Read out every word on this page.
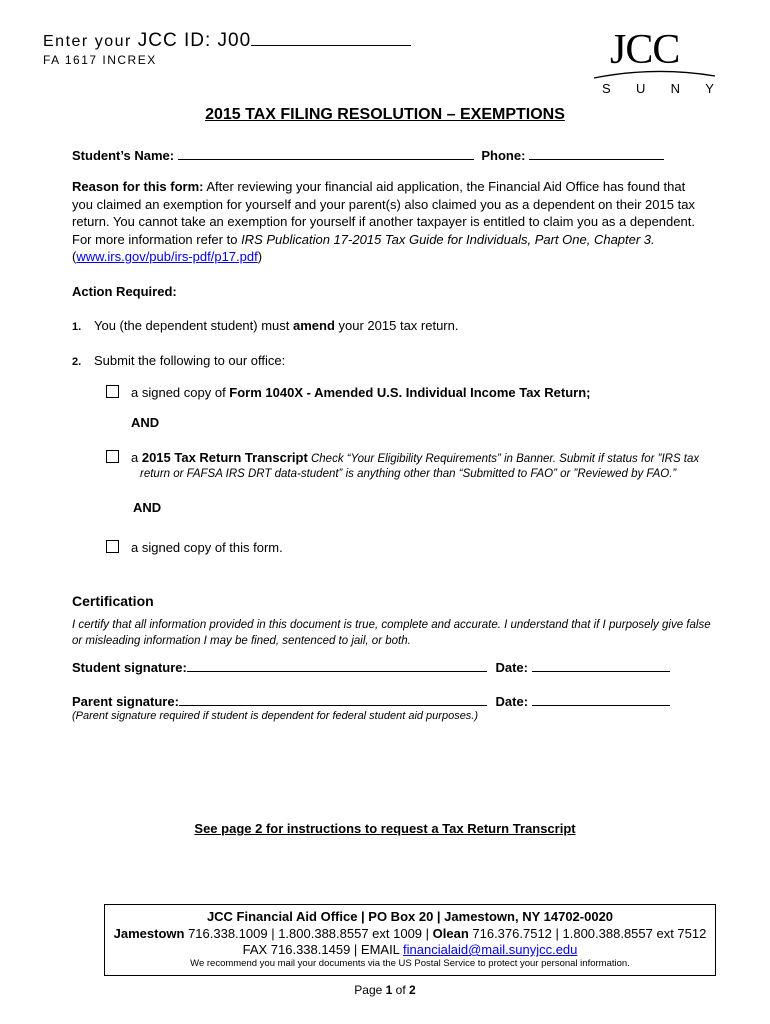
Enter your JCC ID: J00
FA 1617 INCREX	JCC
S U N Y
2015 TAX FILING RESOLUTION – EXEMPTIONS
Student’s Name:	Phone:
Reason for this form: After reviewing your financial aid application, the Financial Aid Office has found that you claimed an exemption for yourself and your parent(s) also claimed you as a dependent on their 2015 tax return. You cannot take an exemption for yourself if another taxpayer is entitled to claim you as a dependent. For more information refer to IRS Publication 17-2015 Tax Guide for Individuals, Part One, Chapter 3. (www.irs.gov/pub/irs-pdf/p17.pdf)
Action Required:
1. You (the dependent student) must amend your 2015 tax return.
2. Submit the following to our office:
a signed copy of Form 1040X - Amended U.S. Individual Income Tax Return;
AND
a 2015 Tax Return Transcript Check “Your Eligibility Requirements” in Banner. Submit if status for ”IRS tax
return or FAFSA IRS DRT data-student” is anything other than “Submitted to FAO” or ”Reviewed by FAO.”
AND
a signed copy of this form.
Certification
I certify that all information provided in this document is true, complete and accurate. I understand that if I purposely give false or misleading information I may be fined, sentenced to jail, or both.
Student signature:	Date:
Parent signature:	Date:
(Parent signature required if student is dependent for federal student aid purposes.)
See page 2 for instructions to request a Tax Return Transcript
JCC Financial Aid Office | PO Box 20 | Jamestown, NY 14702-0020
Jamestown 716.338.1009 | 1.800.388.8557 ext 1009 | Olean 716.376.7512 | 1.800.388.8557 ext 7512
FAX 716.338.1459 | EMAIL financialaid@mail.sunyjcc.edu
We recommend you mail your documents via the US Postal Service to protect your personal information.
Page 1 of 2
